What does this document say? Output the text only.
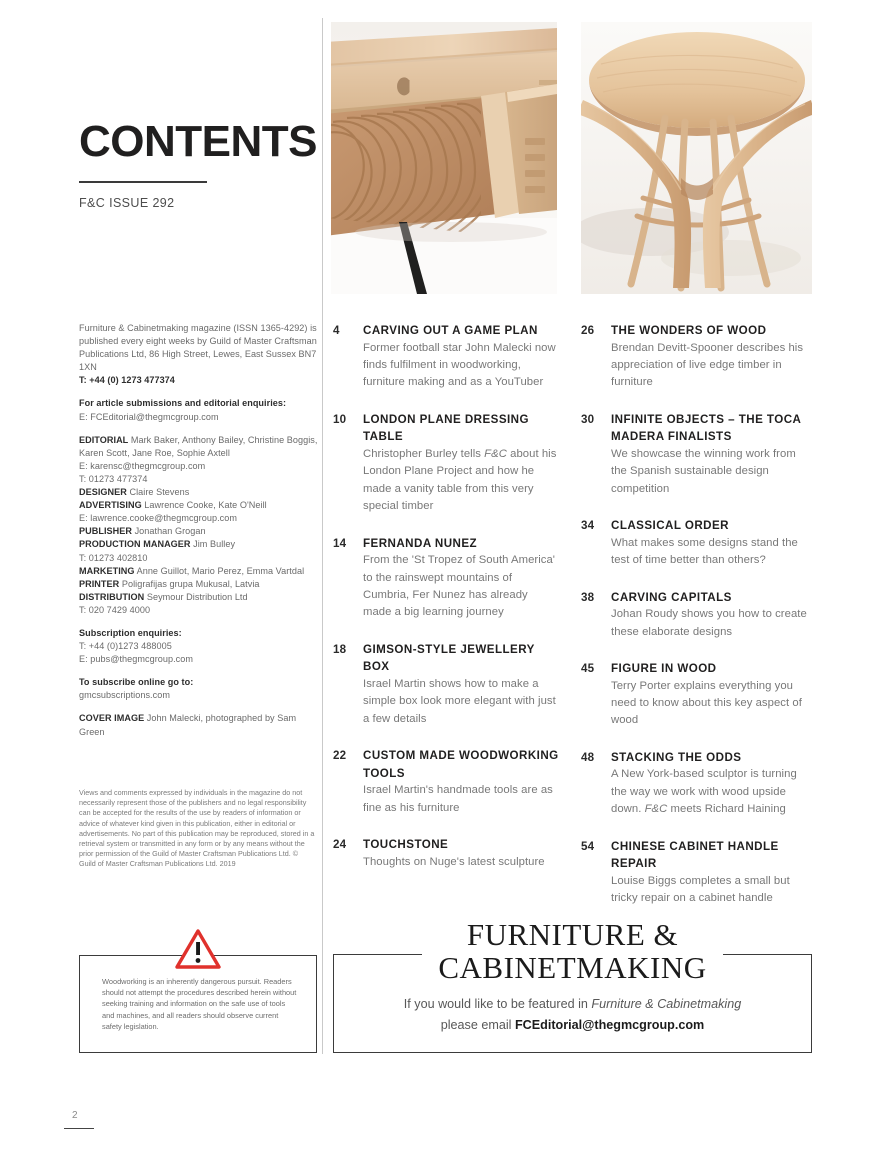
CONTENTS
F&C ISSUE 292

Furniture & Cabinetmaking magazine (ISSN 1365-4292) is published every eight weeks by Guild of Master Craftsman Publications Ltd, 86 High Street, Lewes, East Sussex BN7 1XN
T: +44 (0) 1273 477374

For article submissions and editorial enquiries:
E: FCEditorial@thegmcgroup.com

EDITORIAL Mark Baker, Anthony Bailey, Christine Boggis, Karen Scott, Jane Roe, Sophie Axtell
E: karensc@thegmcgroup.com
T: 01273 477374
DESIGNER Claire Stevens
ADVERTISING Lawrence Cooke, Kate O'Neill
E: lawrence.cooke@thegmcgroup.com
PUBLISHER Jonathan Grogan
PRODUCTION MANAGER Jim Bulley
T: 01273 402810
MARKETING Anne Guillot, Mario Perez, Emma Vartdal
PRINTER Poligrafijas grupa Mukusal, Latvia
DISTRIBUTION Seymour Distribution Ltd
T: 020 7429 4000

Subscription enquiries:
T: +44 (0)1273 488005
E: pubs@thegmcgroup.com

To subscribe online go to:
gmcsubscriptions.com

COVER IMAGE John Malecki, photographed by Sam Green

Views and comments expressed by individuals in the magazine do not necessarily represent those of the publishers and no legal responsibility can be accepted for the results of the use by readers of information or advice of whatever kind given in this publication, either in editorial or advertisements. No part of this publication may be reproduced, stored in a retrieval system or transmitted in any form or by any means without the prior permission of the Guild of Master Craftsman Publications Ltd. © Guild of Master Craftsman Publications Ltd. 2019
Woodworking is an inherently dangerous pursuit. Readers should not attempt the procedures described herein without seeking training and information on the safe use of tools and machines, and all readers should observe current safety legislation.
2
4	CARVING OUT A GAME PLAN
Former football star John Malecki now finds fulfilment in woodworking, furniture making and as a YouTuber
10	LONDON PLANE DRESSING TABLE
Christopher Burley tells F&C about his London Plane Project and how he made a vanity table from this very special timber
14	FERNANDA NUNEZ
From the 'St Tropez of South America' to the rainswept mountains of Cumbria, Fer Nunez has already made a big learning journey
18	GIMSON-STYLE JEWELLERY BOX
Israel Martin shows how to make a simple box look more elegant with just a few details
22	CUSTOM MADE WOODWORKING TOOLS
Israel Martin's handmade tools are as fine as his furniture
24	TOUCHSTONE
Thoughts on Nuge's latest sculpture
26	THE WONDERS OF WOOD
Brendan Devitt-Spooner describes his appreciation of live edge timber in furniture
30	INFINITE OBJECTS – THE TOCA MADERA FINALISTS
We showcase the winning work from the Spanish sustainable design competition
34	CLASSICAL ORDER
What makes some designs stand the test of time better than others?
38	CARVING CAPITALS
Johan Roudy shows you how to create these elaborate designs
45	FIGURE IN WOOD
Terry Porter explains everything you need to know about this key aspect of wood
48	STACKING THE ODDS
A New York-based sculptor is turning the way we work with wood upside down. F&C meets Richard Haining
54	CHINESE CABINET HANDLE REPAIR
Louise Biggs completes a small but tricky repair on a cabinet handle
FURNITURE &
CABINETMAKING
If you would like to be featured in Furniture & Cabinetmaking
please email FCEditorial@thegmcgroup.com
